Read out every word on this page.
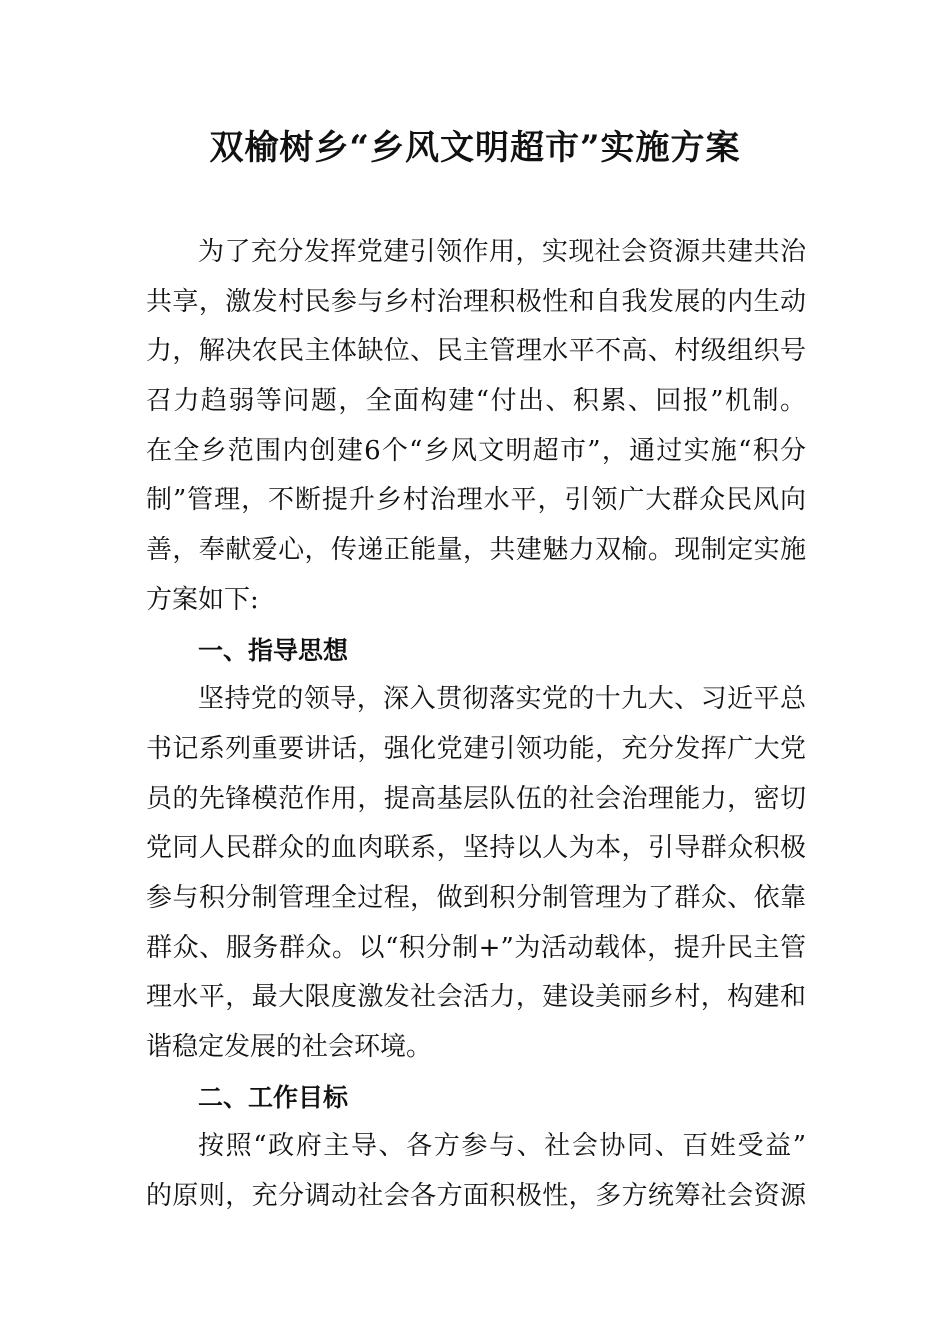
双榆树乡“乡风文明超市”实施方案
为了充分发挥党建引领作用，实现社会资源共建共治
共享，激发村民参与乡村治理积极性和自我发展的内生动
力，解决农民主体缺位、民主管理水平不高、村级组织号
召力趋弱等问题，全面构建“付出、积累、回报”机制。
在全乡范围内创建6个“乡风文明超市”，通过实施“积分
制”管理，不断提升乡村治理水平，引领广大群众民风向
善，奉献爱心，传递正能量，共建魅力双榆。现制定实施
方案如下:
一、指导思想
坚持党的领导，深入贯彻落实党的十九大、习近平总
书记系列重要讲话，强化党建引领功能，充分发挥广大党
员的先锋模范作用，提高基层队伍的社会治理能力，密切
党同人民群众的血肉联系，坚持以人为本，引导群众积极
参与积分制管理全过程，做到积分制管理为了群众、依靠
群众、服务群众。以“积分制+”为活动载体，提升民主管
理水平，最大限度激发社会活力，建设美丽乡村，构建和
谐稳定发展的社会环境。
二、工作目标
按照“政府主导、各方参与、社会协同、百姓受益”
的原则，充分调动社会各方面积极性，多方统筹社会资源
